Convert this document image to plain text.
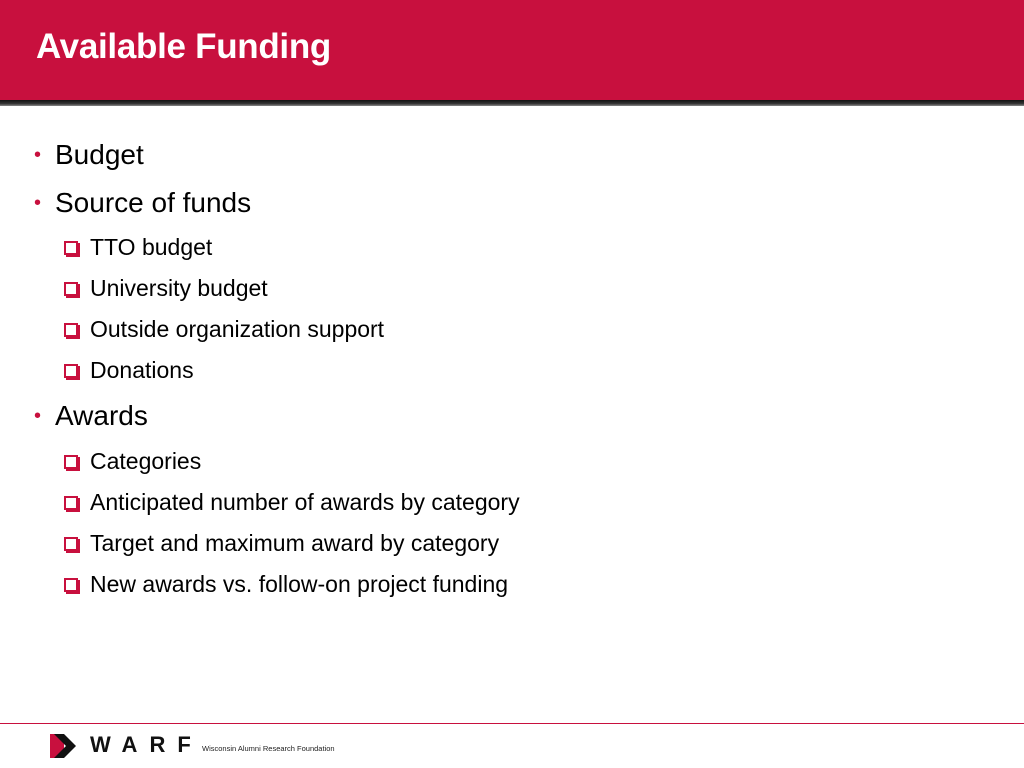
Available Funding
• Budget
• Source of funds
TTO budget
University budget
Outside organization support
Donations
• Awards
Categories
Anticipated number of awards by category
Target and maximum award by category
New awards vs. follow-on project funding
WARF Wisconsin Alumni Research Foundation
